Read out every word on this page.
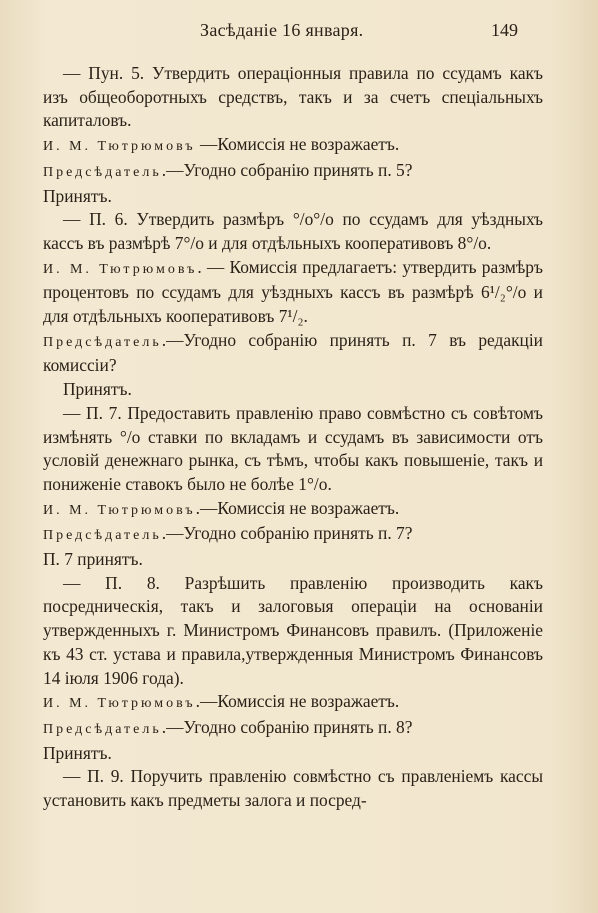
Засѣданіе 16 января.	149

— Пун. 5. Утвердить операціонныя правила по ссудамъ какъ изъ общеоборотныхъ средствъ, такъ и за счетъ спеціальныхъ капиталовъ.

И. М. Тютрюмовъ —Комиссія не возражаетъ.

Предсѣдатель.—Угодно собранію принять п. 5?

Принятъ.

— П. 6. Утвердить размѣръ °/о°/о по ссудамъ для уѣздныхъ кассъ въ размѣрѣ 7°/о и для отдѣльныхъ кооперативовъ 8°/о.

И. М. Тютрюмовъ. — Комиссія предлагаетъ: утвердить размѣръ процентовъ по ссудамъ для уѣздныхъ кассъ въ размѣрѣ 6¹/₂°/о и для отдѣльныхъ кооперативовъ 7¹/₂.

Предсѣдатель.—Угодно собранію принять п. 7 въ редакціи комиссіи?

Принятъ.

— П. 7. Предоставить правленію право совмѣстно съ совѣтомъ измѣнять °/о ставки по вкладамъ и ссудамъ въ зависимости отъ условій денежнаго рынка, съ тѣмъ, чтобы какъ повышеніе, такъ и пониженіе ставокъ было не болѣе 1°/о.

И. М. Тютрюмовъ.—Комиссія не возражаетъ.

Предсѣдатель.—Угодно собранію принять п. 7?

П. 7 принятъ.

— П. 8. Разрѣшить правленію производить какъ посредническія, такъ и залоговыя операціи на основаніи утвержденныхъ г. Министромъ Финансовъ правилъ. (Приложеніе къ 43 ст. устава и правила,утвержденныя Министромъ Финансовъ 14 іюля 1906 года).

И. М. Тютрюмовъ.—Комиссія не возражаетъ.

Предсѣдатель.—Угодно собранію принять п. 8?

Принятъ.

— П. 9. Поручить правленію совмѣстно съ правленіемъ кассы установить какъ предметы залога и посред-
